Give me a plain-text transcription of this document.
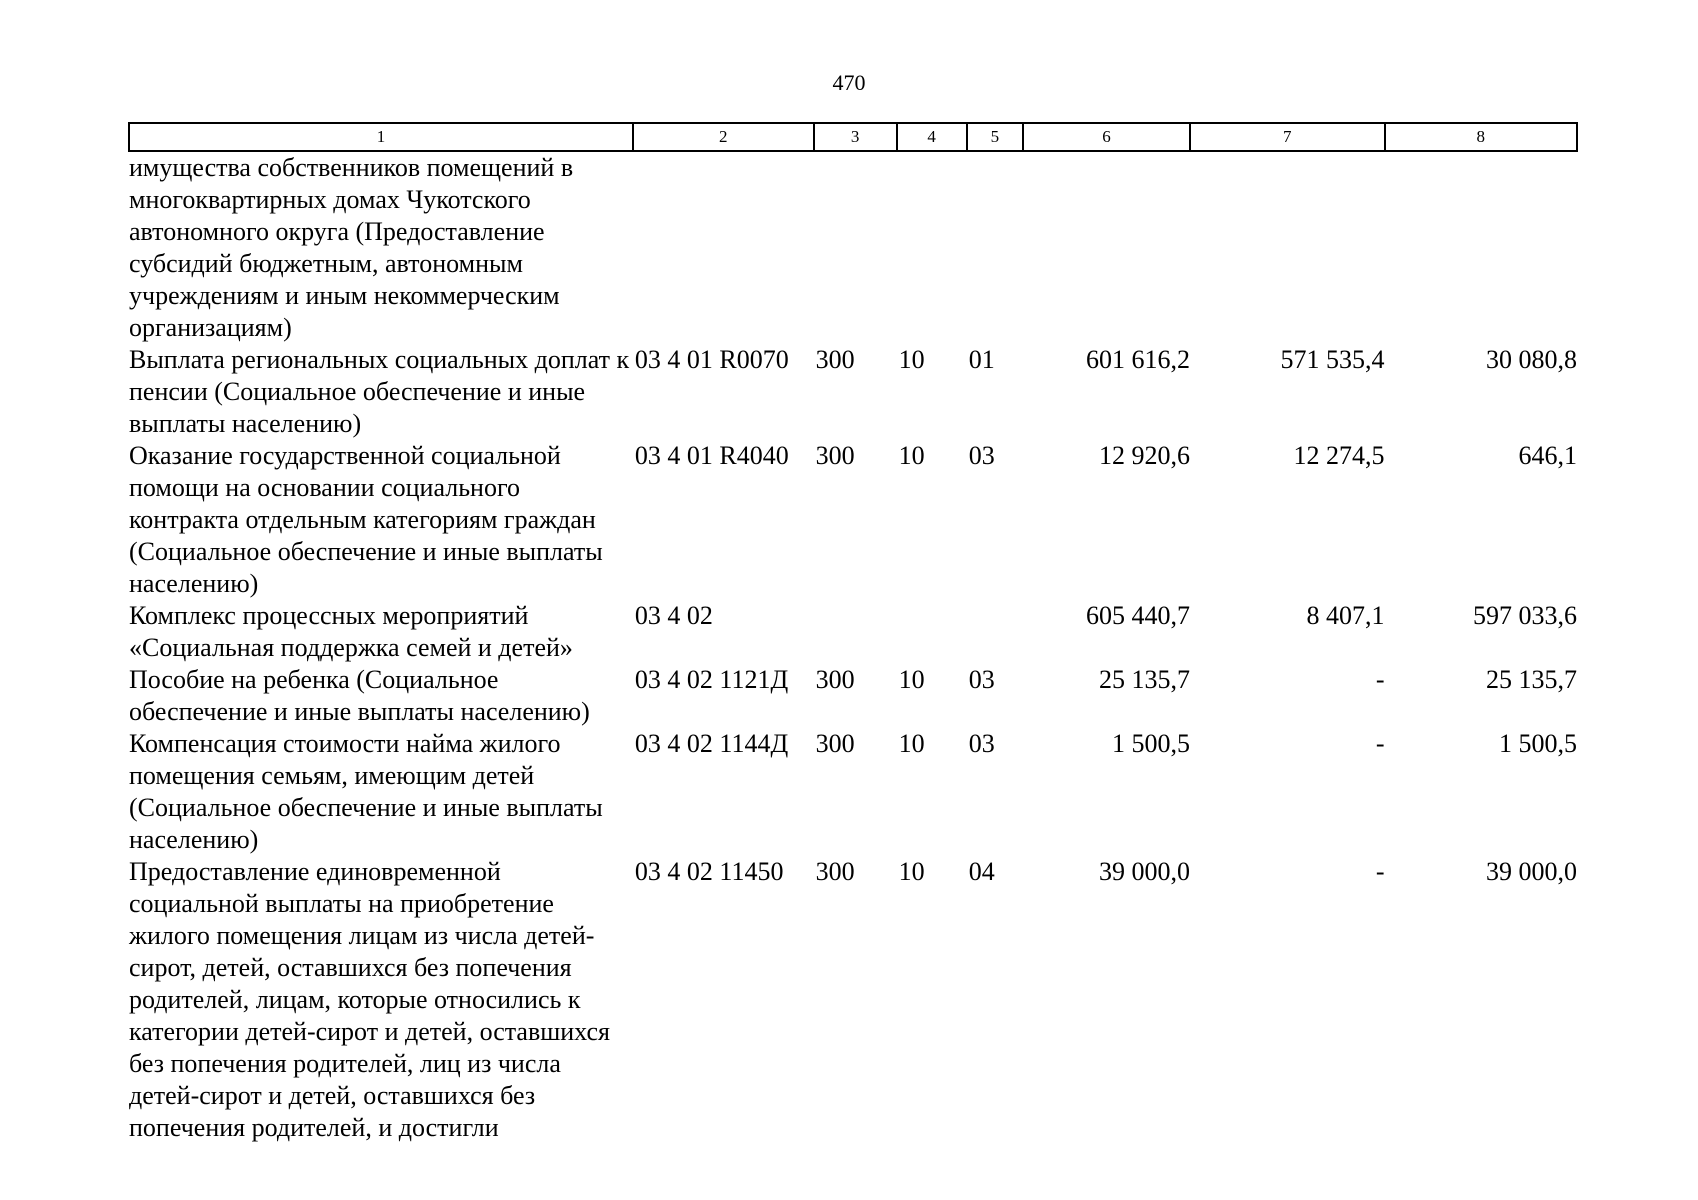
470
1	2	3	4	5	6	7	8
имущества собственников помещений в многоквартирных домах Чукотского автономного округа (Предоставление субсидий бюджетным, автономным учреждениям и иным некоммерческим организациям)							
Выплата региональных социальных доплат к пенсии (Социальное обеспечение и иные выплаты населению)	03 4 01 R0070	300	10	01	601 616,2	571 535,4	30 080,8
Оказание государственной социальной помощи на основании социального контракта отдельным категориям граждан (Социальное обеспечение и иные выплаты населению)	03 4 01 R4040	300	10	03	12 920,6	12 274,5	646,1
Комплекс процессных мероприятий «Социальная поддержка семей и детей»	03 4 02				605 440,7	8 407,1	597 033,6
Пособие на ребенка (Социальное обеспечение и иные выплаты населению)	03 4 02 1121Д	300	10	03	25 135,7	-	25 135,7
Компенсация стоимости найма жилого помещения семьям, имеющим детей (Социальное обеспечение и иные выплаты населению)	03 4 02 1144Д	300	10	03	1 500,5	-	1 500,5
Предоставление единовременной социальной выплаты на приобретение жилого помещения лицам из числа детей-сирот, детей, оставшихся без попечения родителей, лицам, которые относились к категории детей-сирот и детей, оставшихся без попечения родителей, лиц из числа детей-сирот и детей, оставшихся без попечения родителей, и достигли	03 4 02 11450	300	10	04	39 000,0	-	39 000,0
